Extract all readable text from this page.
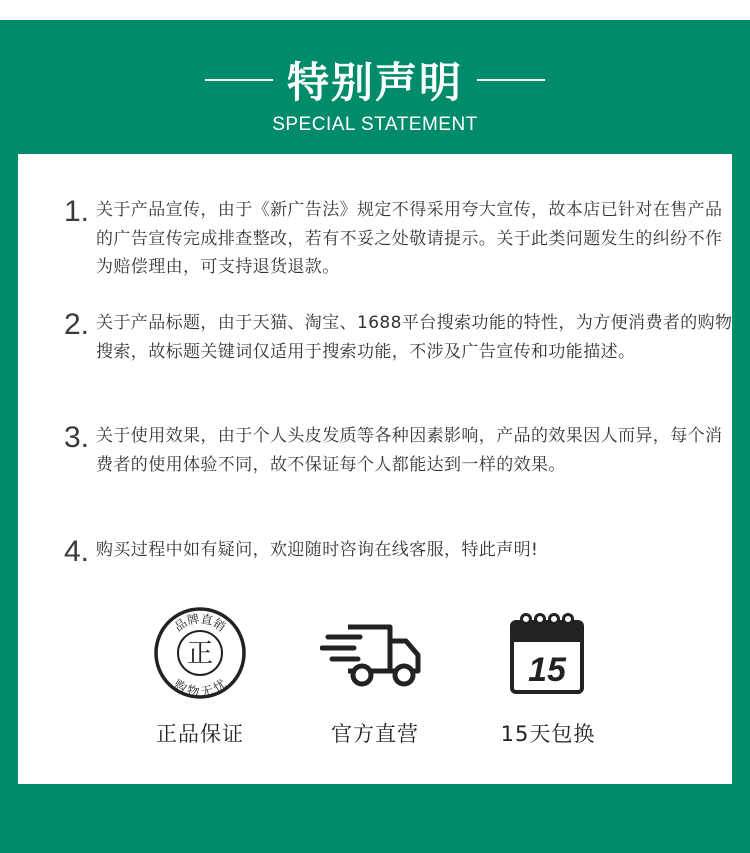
特别声明
SPECIAL STATEMENT
1. 关于产品宣传，由于《新广告法》规定不得采用夸大宣传，故本店已针对在售产品的广告宣传完成排查整改，若有不妥之处敬请提示。关于此类问题发生的纠纷不作为赔偿理由，可支持退货退款。
2. 关于产品标题，由于天猫、淘宝、1688平台搜索功能的特性，为方便消费者的购物搜索，故标题关键词仅适用于搜索功能，不涉及广告宣传和功能描述。
3. 关于使用效果，由于个人头皮发质等各种因素影响，产品的效果因人而异，每个消费者的使用体验不同，故不保证每个人都能达到一样的效果。
4. 购买过程中如有疑问，欢迎随时咨询在线客服，特此声明!
品牌直销
购物无忧
正
正品保证	官方直营
15
15天包换
